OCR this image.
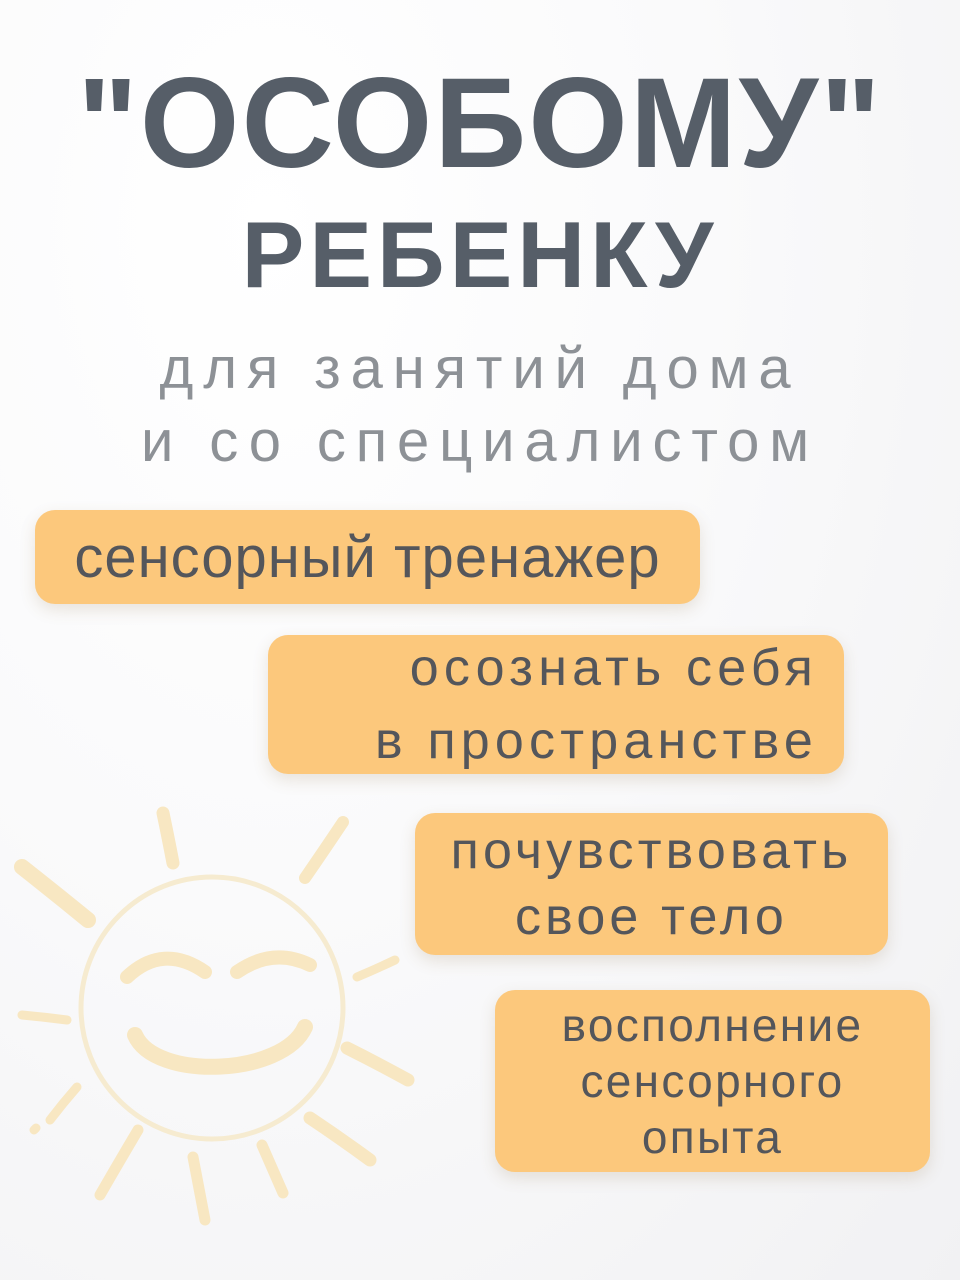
"ОСОБОМУ"
РЕБЕНКУ
для занятий дома
и со специалистом
сенсорный тренажер
осознать себя
в пространстве
почувствовать
свое тело
восполнение
сенсорного
опыта
